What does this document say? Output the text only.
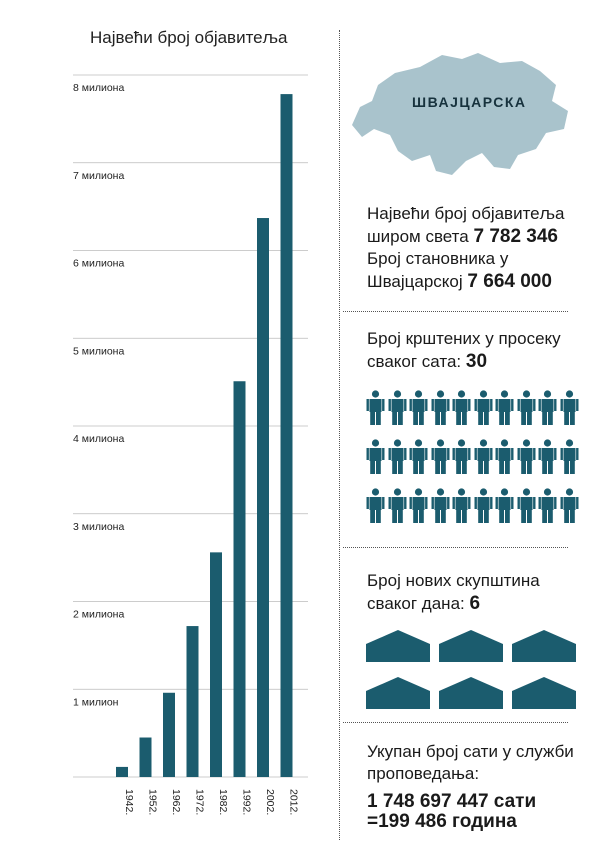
Највећи број објавитеља
1 милион
2 милиона
3 милиона
4 милиона
5 милиона
6 милиона
7 милиона
8 милиона
1942. 1952. 1962. 1972. 1982. 1992. 2002. 2012.
ШВАЈЦАРСКА
Највећи број објавитеља широм света 7 782 346
Број становника у Швајцарској 7 664 000
Број крштених у просеку сваког сата: 30
Број нових скупштина сваког дана: 6
Укупан број сати у служби проповедања:
1 748 697 447 сати
=199 486 година
